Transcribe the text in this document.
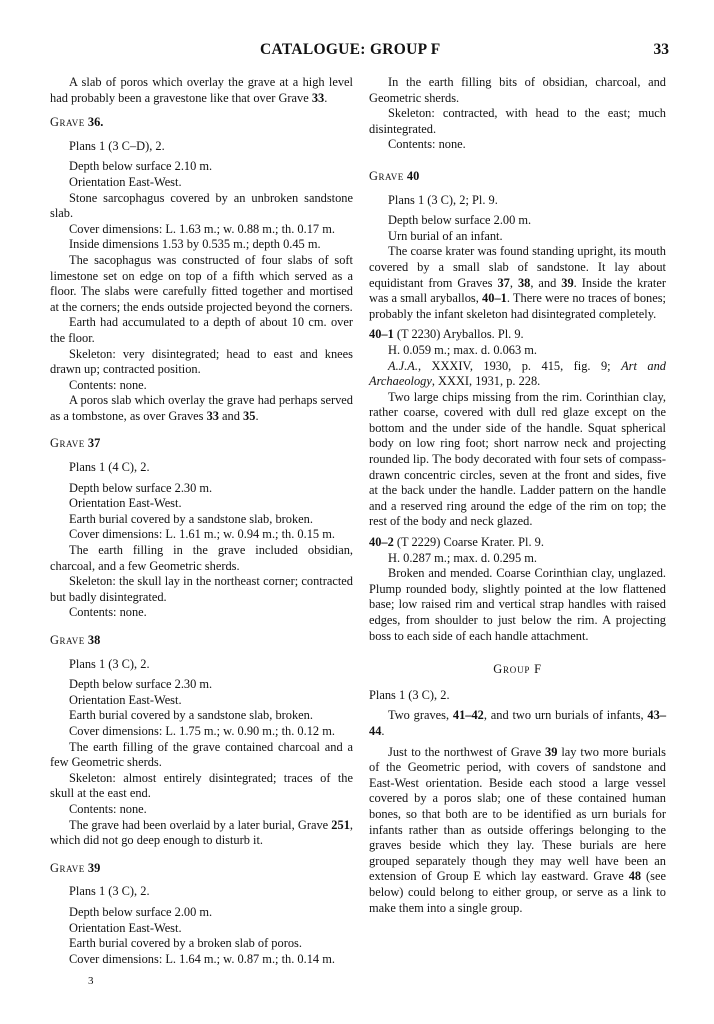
CATALOGUE: GROUP F	33

A slab of poros which overlay the grave at a high level had probably been a gravestone like that over Grave 33.

Grave 36.

Plans 1 (3 C–D), 2.

Depth below surface 2.10 m.

Orientation East-West.

Stone sarcophagus covered by an unbroken sandstone slab.

Cover dimensions: L. 1.63 m.; w. 0.88 m.; th. 0.17 m.

Inside dimensions 1.53 by 0.535 m.; depth 0.45 m.

The sacophagus was constructed of four slabs of soft limestone set on edge on top of a fifth which served as a floor. The slabs were carefully fitted together and mortised at the corners; the ends outside projected beyond the corners.

Earth had accumulated to a depth of about 10 cm. over the floor.

Skeleton: very disintegrated; head to east and knees drawn up; contracted position.

Contents: none.

A poros slab which overlay the grave had perhaps served as a tombstone, as over Graves 33 and 35.

Grave 37

Plans 1 (4 C), 2.

Depth below surface 2.30 m.

Orientation East-West.

Earth burial covered by a sandstone slab, broken.

Cover dimensions: L. 1.61 m.; w. 0.94 m.; th. 0.15 m.

The earth filling in the grave included obsidian, charcoal, and a few Geometric sherds.

Skeleton: the skull lay in the northeast corner; contracted but badly disintegrated.

Contents: none.

Grave 38

Plans 1 (3 C), 2.

Depth below surface 2.30 m.

Orientation East-West.

Earth burial covered by a sandstone slab, broken.

Cover dimensions: L. 1.75 m.; w. 0.90 m.; th. 0.12 m.

The earth filling of the grave contained charcoal and a few Geometric sherds.

Skeleton: almost entirely disintegrated; traces of the skull at the east end.

Contents: none.

The grave had been overlaid by a later burial, Grave 251, which did not go deep enough to disturb it.

Grave 39

Plans 1 (3 C), 2.

Depth below surface 2.00 m.

Orientation East-West.

Earth burial covered by a broken slab of poros.

Cover dimensions: L. 1.64 m.; w. 0.87 m.; th. 0.14 m.

In the earth filling bits of obsidian, charcoal, and Geometric sherds.

Skeleton: contracted, with head to the east; much disintegrated.

Contents: none.

Grave 40

Plans 1 (3 C), 2; Pl. 9.

Depth below surface 2.00 m.

Urn burial of an infant.

The coarse krater was found standing upright, its mouth covered by a small slab of sandstone. It lay about equidistant from Graves 37, 38, and 39. Inside the krater was a small aryballos, 40–1. There were no traces of bones; probably the infant skeleton had disintegrated completely.

40–1 (T 2230) Aryballos. Pl. 9.

H. 0.059 m.; max. d. 0.063 m.

A.J.A., XXXIV, 1930, p. 415, fig. 9; Art and Archaeology, XXXI, 1931, p. 228.

Two large chips missing from the rim. Corinthian clay, rather coarse, covered with dull red glaze except on the bottom and the under side of the handle. Squat spherical body on low ring foot; short narrow neck and projecting rounded lip. The body decorated with four sets of compass-drawn concentric circles, seven at the front and sides, five at the back under the handle. Ladder pattern on the handle and a reserved ring around the edge of the rim on top; the rest of the body and neck glazed.

40–2 (T 2229) Coarse Krater. Pl. 9.

H. 0.287 m.; max. d. 0.295 m.

Broken and mended. Coarse Corinthian clay, unglazed. Plump rounded body, slightly pointed at the low flattened base; low raised rim and vertical strap handles with raised edges, from shoulder to just below the rim. A projecting boss to each side of each handle attachment.

Group F

Plans 1 (3 C), 2.

Two graves, 41–42, and two urn burials of infants, 43–44.

Just to the northwest of Grave 39 lay two more burials of the Geometric period, with covers of sandstone and East-West orientation. Beside each stood a large vessel covered by a poros slab; one of these contained human bones, so that both are to be identified as urn burials for infants rather than as outside offerings belonging to the graves beside which they lay. These burials are here grouped separately though they may well have been an extension of Group E which lay eastward. Grave 48 (see below) could belong to either group, or serve as a link to make them into a single group.

3
